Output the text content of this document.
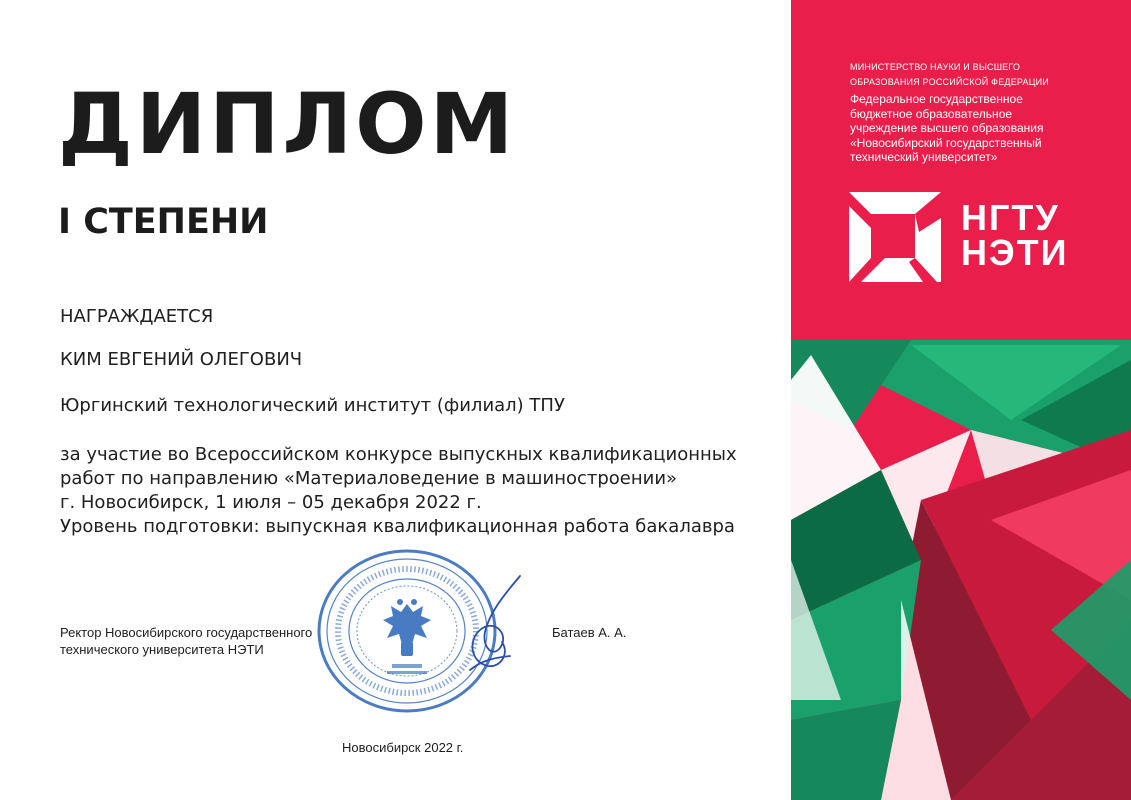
ДИПЛОМ
I СТЕПЕНИ
НАГРАЖДАЕТСЯ
КИМ ЕВГЕНИЙ ОЛЕГОВИЧ
Юргинский технологический институт (филиал) ТПУ
за участие во Всероссийском конкурсе выпускных квалификационных
работ по направлению «Материаловедение в машиностроении»
г. Новосибирск, 1 июля – 05 декабря 2022 г.
Уровень подготовки: выпускная квалификационная работа бакалавра
Ректор Новосибирского государственного
технического университета НЭТИ
Батаев А. А.
Новосибирск 2022 г.
МИНИСТЕРСТВО НАУКИ И ВЫСШЕГО
ОБРАЗОВАНИЯ РОССИЙСКОЙ ФЕДЕРАЦИИ
Федеральное государственное
бюджетное образовательное
учреждение высшего образования
«Новосибирский государственный
технический университет»
НГТУ
НЭТИ
